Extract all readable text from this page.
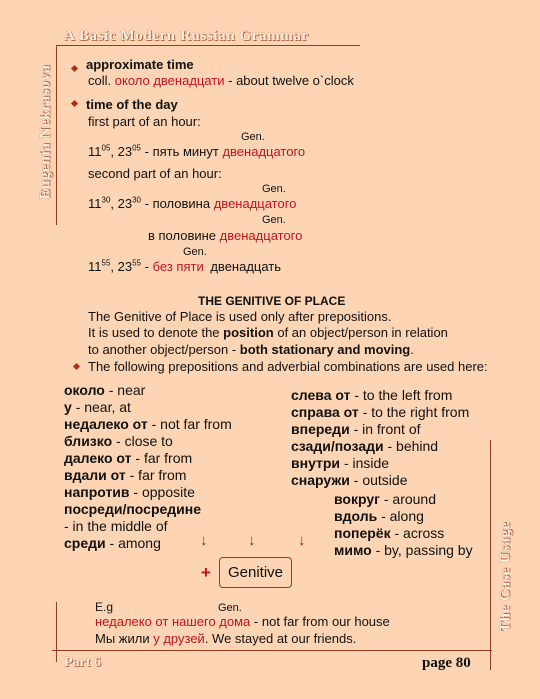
A Basic Modern Russian Grammar
Eugenia Nekrasova
The Case Usage
Part 6	page 80
approximate time
coll. около двенадцати - about twelve o`clock
time of the day
first part of an hour:
Gen.
$11^{05}$, $23^{05}$ - пять минут двенадцатого
second part of an hour:
Gen.
$11^{30}$, $23^{30}$ - половина двенадцатого
Gen.
в половине двенадцатого
Gen.
$11^{55}$, $23^{55}$ - без пяти двенадцать
THE GENITIVE OF PLACE
The Genitive of Place is used only after prepositions.
It is used to denote the position of an object/person in relation
to another object/person - both stationary and moving.
The following prepositions and adverbial combinations are used here:
около - near
у - near, at
недалеко от - not far from
близко - close to
далеко от - far from
вдали от - far from
напротив - opposite
посреди/посредине
- in the middle of
среди - among
слева от - to the left from
справа от - to the right from
впереди - in front of
сзади/позади - behind
внутри - inside
снаружи - outside
вокруг - around
вдоль - along
поперёк - across
мимо - by, passing by
↓	↓	↓
+	Genitive
E.g	Gen.
недалеко от нашего дома - not far from our house
Мы жили у друзей. We stayed at our friends.
